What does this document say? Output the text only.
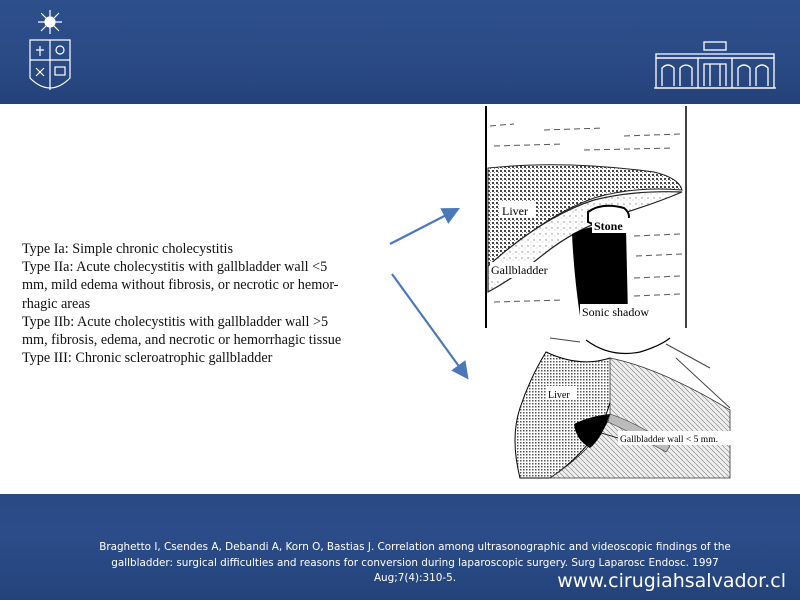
Type Ia: Simple chronic cholecystitis
Type IIa: Acute cholecystitis with gallbladder wall <5
mm, mild edema without fibrosis, or necrotic or hemor-
rhagic areas
Type IIb: Acute cholecystitis with gallbladder wall >5
mm, fibrosis, edema, and necrotic or hemorrhagic tissue
Type III: Chronic scleroatrophic gallbladder
Liver
Stone
Gallbladder
Sonic shadow
Liver
Gallbladder wall < 5 mm.

Braghetto I, Csendes A, Debandi A, Korn O, Bastias J. Correlation among ultrasonographic and videoscopic findings of the gallbladder: surgical difficulties and reasons for conversion during laparoscopic surgery. Surg Laparosc Endosc. 1997 Aug;7(4):310-5.	www.cirugiahsalvador.cl
